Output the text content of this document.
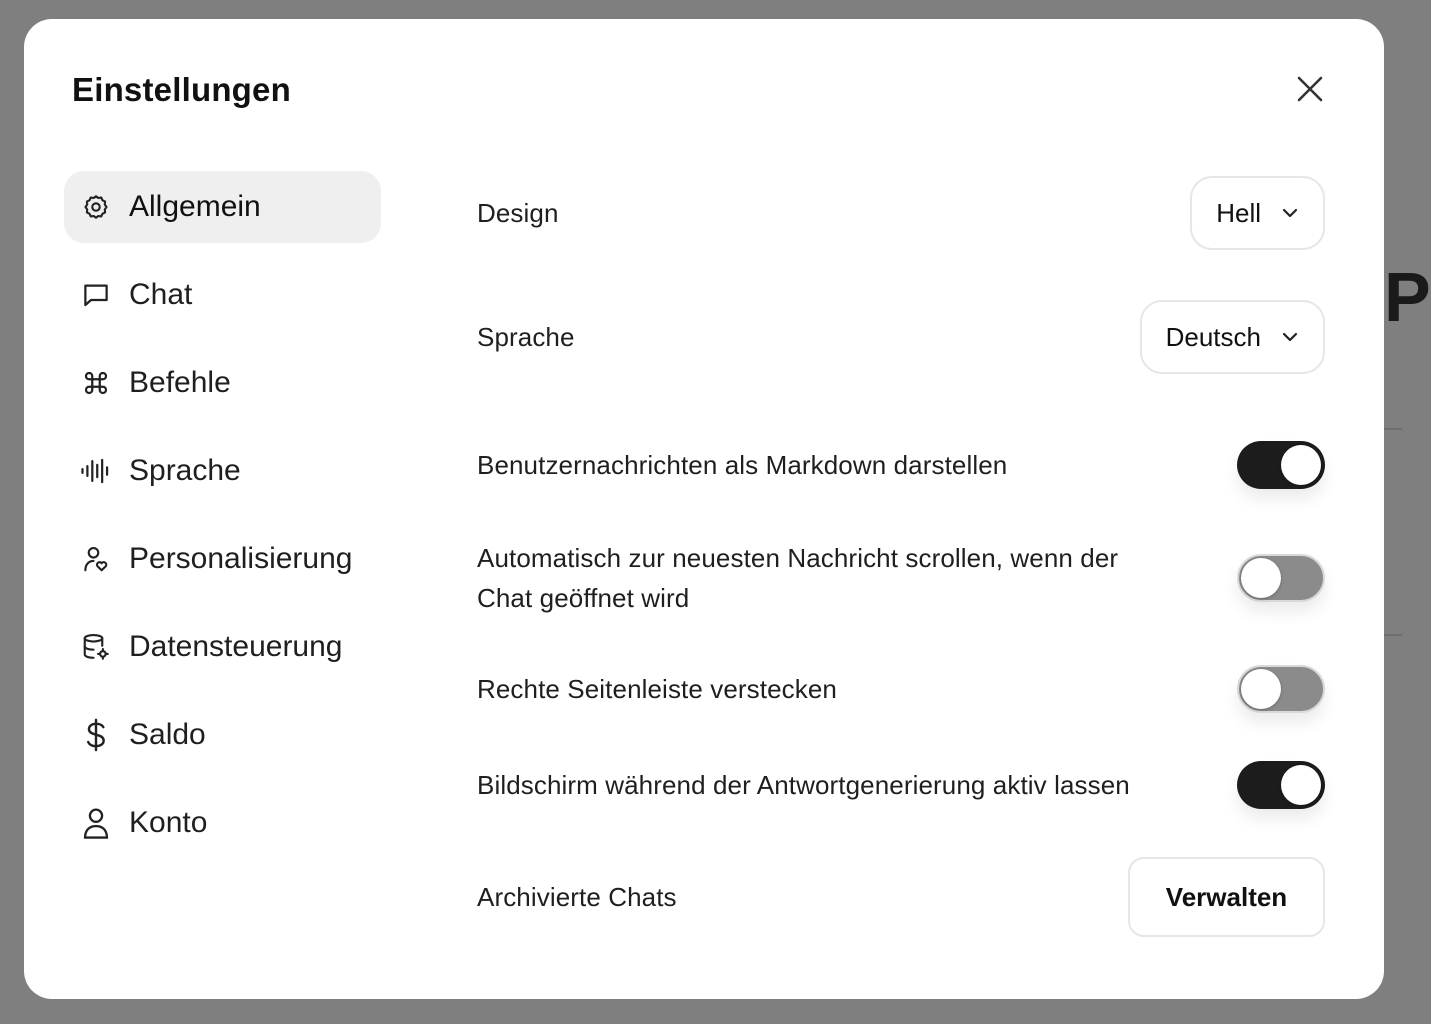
P
Einstellungen
Allgemein
Chat
Befehle
Sprache
Personalisierung
Datensteuerung
Saldo
Konto
Design	Hell
Sprache	Deutsch
Benutzernachrichten als Markdown darstellen
Automatisch zur neuesten Nachricht scrollen, wenn der
Chat geöffnet wird
Rechte Seitenleiste verstecken
Bildschirm während der Antwortgenerierung aktiv lassen
Archivierte Chats	Verwalten
